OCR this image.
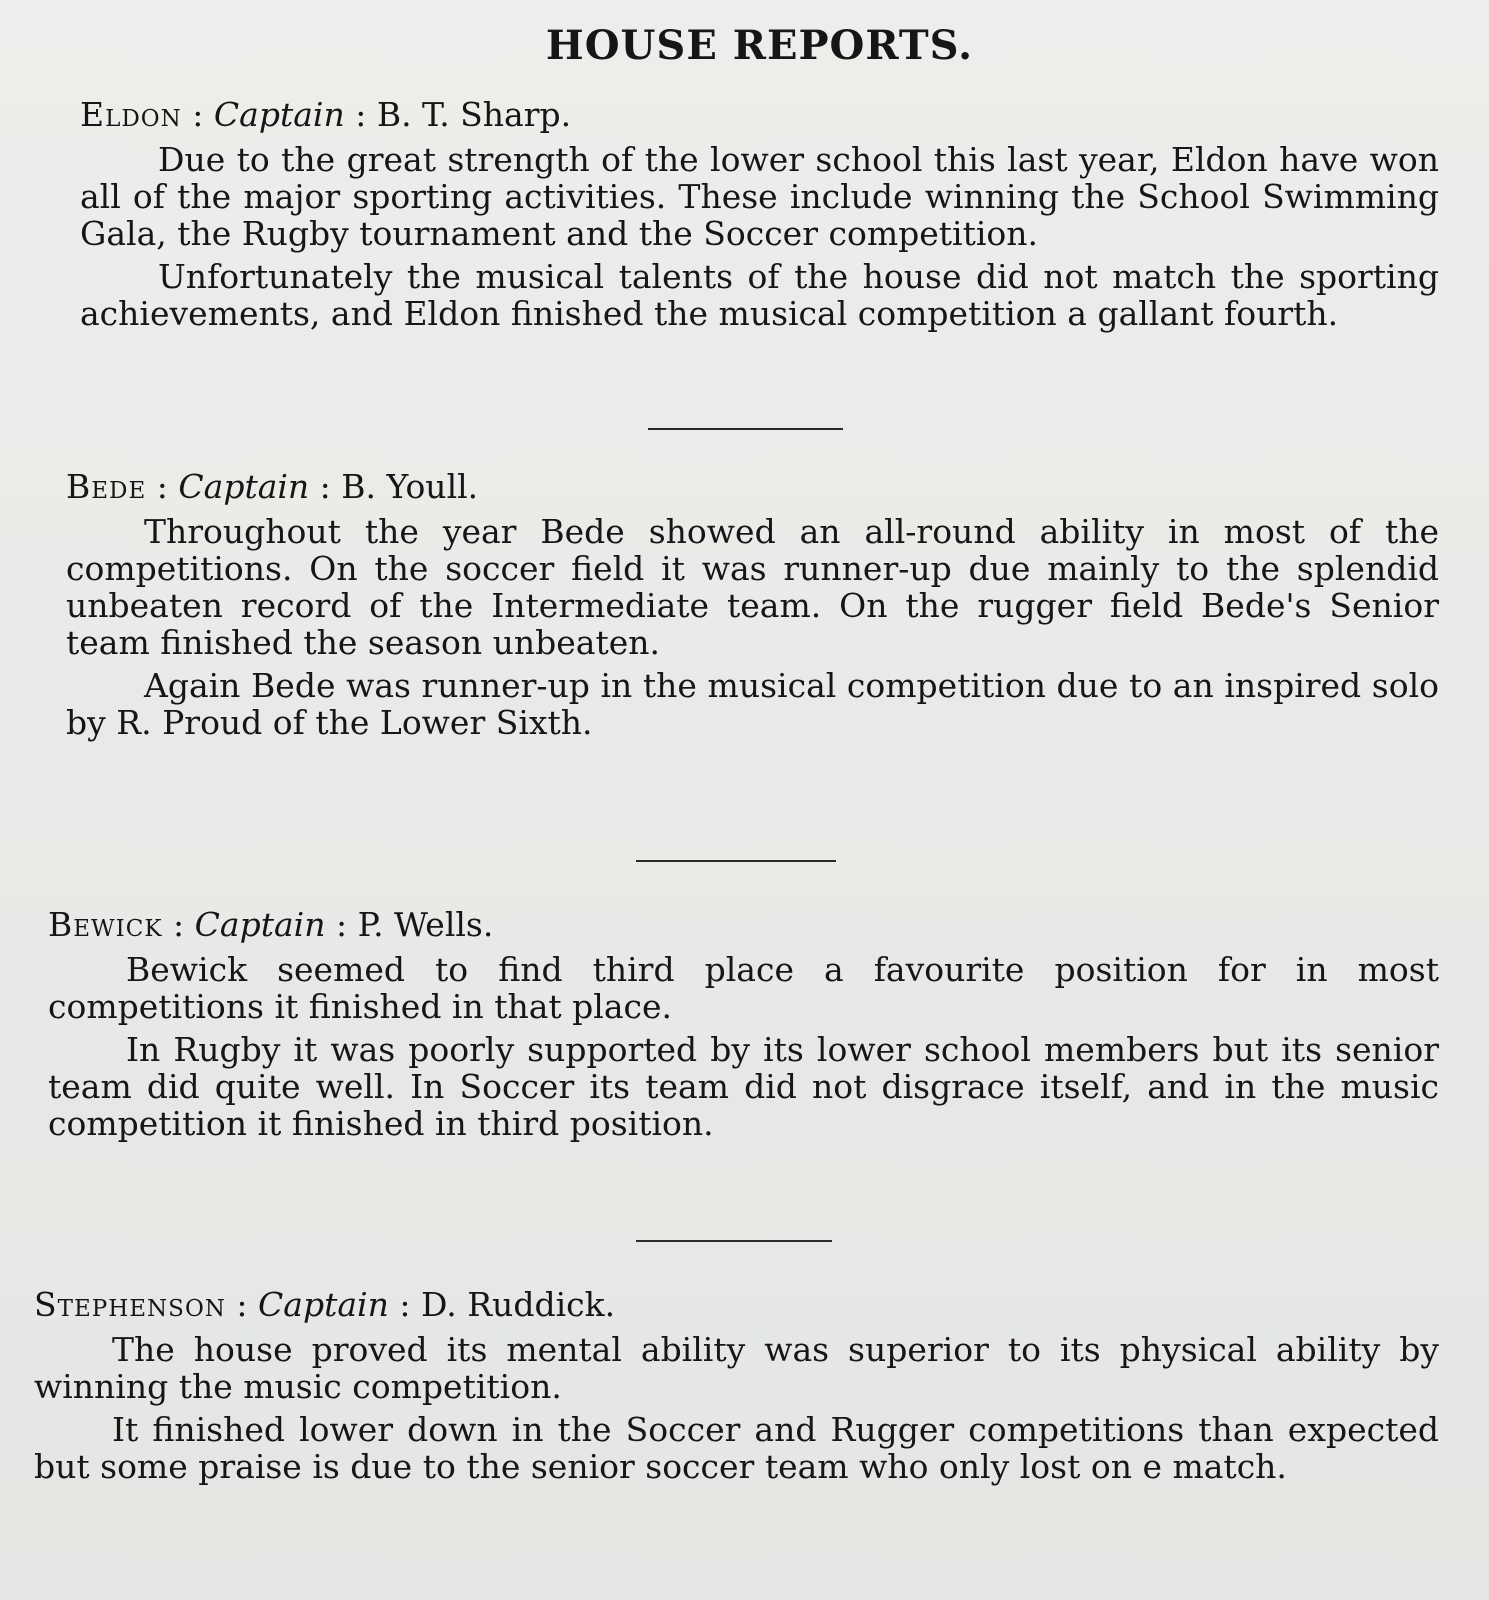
HOUSE REPORTS.
Eldon : Captain : B. T. Sharp.

Due to the great strength of the lower school this last year, Eldon have won all of the major sporting activities. These include winning the School Swimming Gala, the Rugby tournament and the Soccer competition.

Unfortunately the musical talents of the house did not match the sporting achievements, and Eldon finished the musical competition a gallant fourth.

Bede : Captain : B. Youll.

Throughout the year Bede showed an all-round ability in most of the competitions. On the soccer field it was runner-up due mainly to the splendid unbeaten record of the Intermediate team. On the rugger field Bede's Senior team finished the season unbeaten.

Again Bede was runner-up in the musical competition due to an inspired solo by R. Proud of the Lower Sixth.

Bewick : Captain : P. Wells.

Bewick seemed to find third place a favourite position for in most competitions it finished in that place.

In Rugby it was poorly supported by its lower school members but its senior team did quite well. In Soccer its team did not disgrace itself, and in the music competition it finished in third position.

Stephenson : Captain : D. Ruddick.

The house proved its mental ability was superior to its physical ability by winning the music competition.

It finished lower down in the Soccer and Rugger competitions than expected but some praise is due to the senior soccer team who only lost on e match.
